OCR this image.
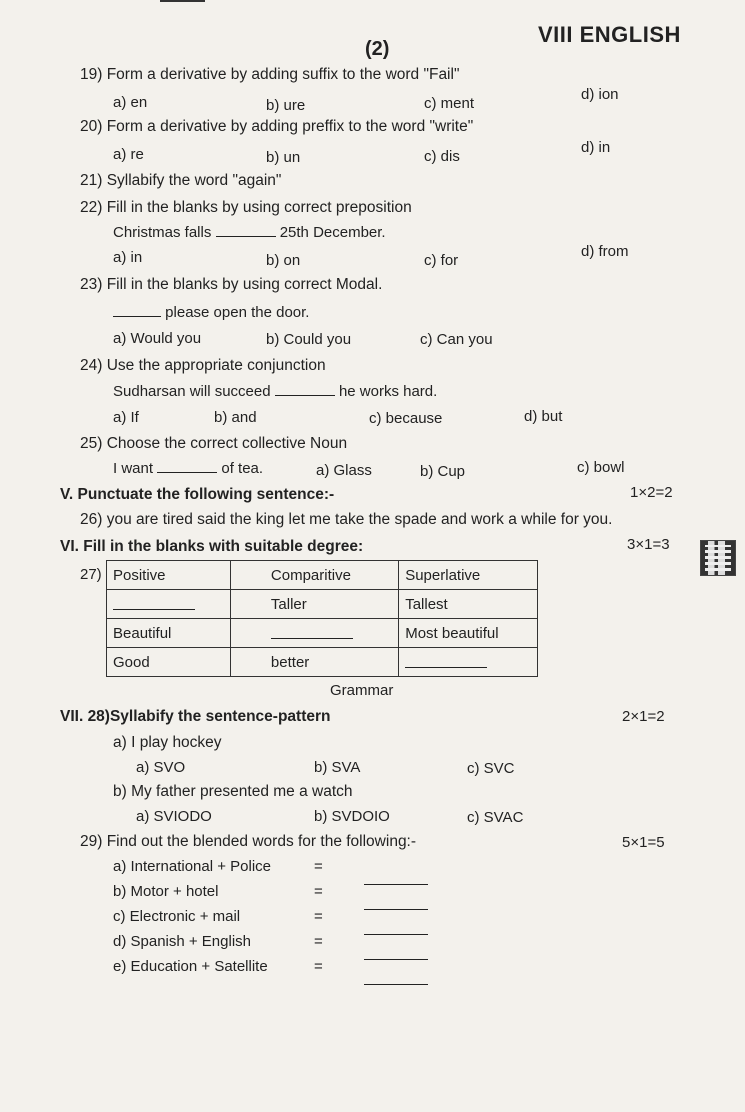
(2)
VIII ENGLISH
19) Form a derivative by adding suffix to the word "Fail"
a) en	b) ure	c) ment
d) ion
20) Form a derivative by adding preffix to the word "write"
a) re	b) un	c) dis
d) in
21) Syllabify the word "again"
22) Fill in the blanks by using correct preposition
Christmas falls	25th December.
a) in	b) on	c) for
d) from
23) Fill in the blanks by using correct Modal.
please open the door.
a) Would you	b) Could you	c) Can you
24) Use the appropriate conjunction
Sudharsan will succeed	he works hard.
a) If	b) and	c) because	d) but
25) Choose the correct collective Noun
I want	of tea.	a) Glass	b) Cup	c) bowl
V. Punctuate the following sentence:-	1×2=2
26) you are tired said the king let me take the spade and work a while for you.
VI. Fill in the blanks with suitable degree:	3×1=3
27) Positive	Comparitive	Superlative
	Taller	Tallest
Beautiful		Most beautiful
Good	better	
Grammar
VII. 28)Syllabify the sentence-pattern	2×1=2
a) I play hockey
a) SVO	b) SVA	c) SVC
b) My father presented me a watch
a) SVIODO	b) SVDOIO	c) SVAC
29) Find out the blended words for the following:-	5×1=5
a) International + Police	=
b) Motor + hotel	=
c) Electronic + mail	=
d) Spanish + English	=
e) Education + Satellite	=
